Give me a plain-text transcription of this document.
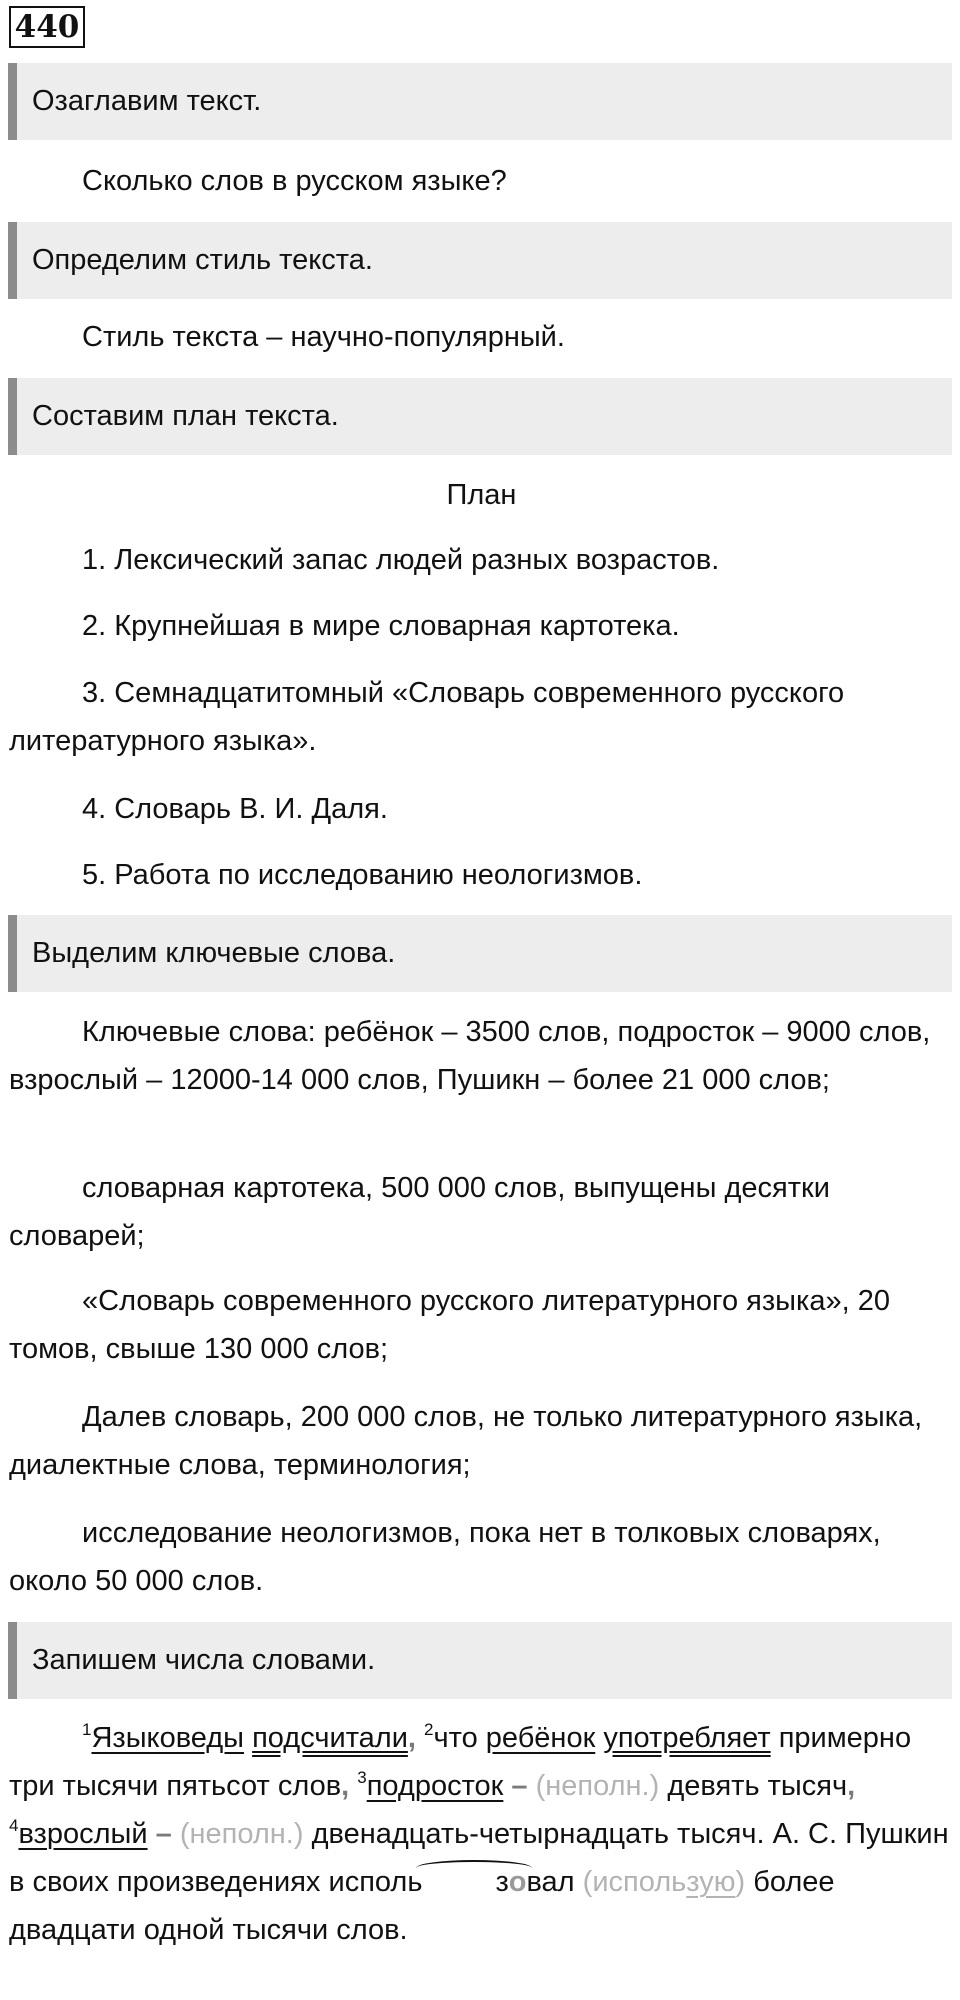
440
Озаглавим текст.
Сколько слов в русском языке?
Определим стиль текста.
Стиль текста – научно-популярный.
Составим план текста.
План
1. Лексический запас людей разных возрастов.
2. Крупнейшая в мире словарная картотека.
3. Семнадцатитомный «Словарь современного русского литературного языка».
4. Словарь В. И. Даля.
5. Работа по исследованию неологизмов.
Выделим ключевые слова.
Ключевые слова: ребёнок – 3500 слов, подросток – 9000 слов, взрослый – 12000-14 000 слов, Пушикн – более 21 000 слов;
словарная картотека, 500 000 слов, выпущены десятки словарей;
«Словарь современного русского литературного языка», 20 томов, свыше 130 000 слов;
Далев словарь, 200 000 слов, не только литературного языка, диалектные слова, терминология;
исследование неологизмов, пока нет в толковых словарях, около 50 000 слов.
Запишем числа словами.
$^1$Языковеды подсчитали, $^2$что ребёнок употребляет примерно три тысячи пятьсот слов, $^3$подросток – (неполн.) девять тысяч, $^4$взрослый – (неполн.) двенадцать-четырнадцать тысяч. А. С. Пушкин в своих произведениях исполь	зовал (использую) более двадцати одной тысячи слов.
